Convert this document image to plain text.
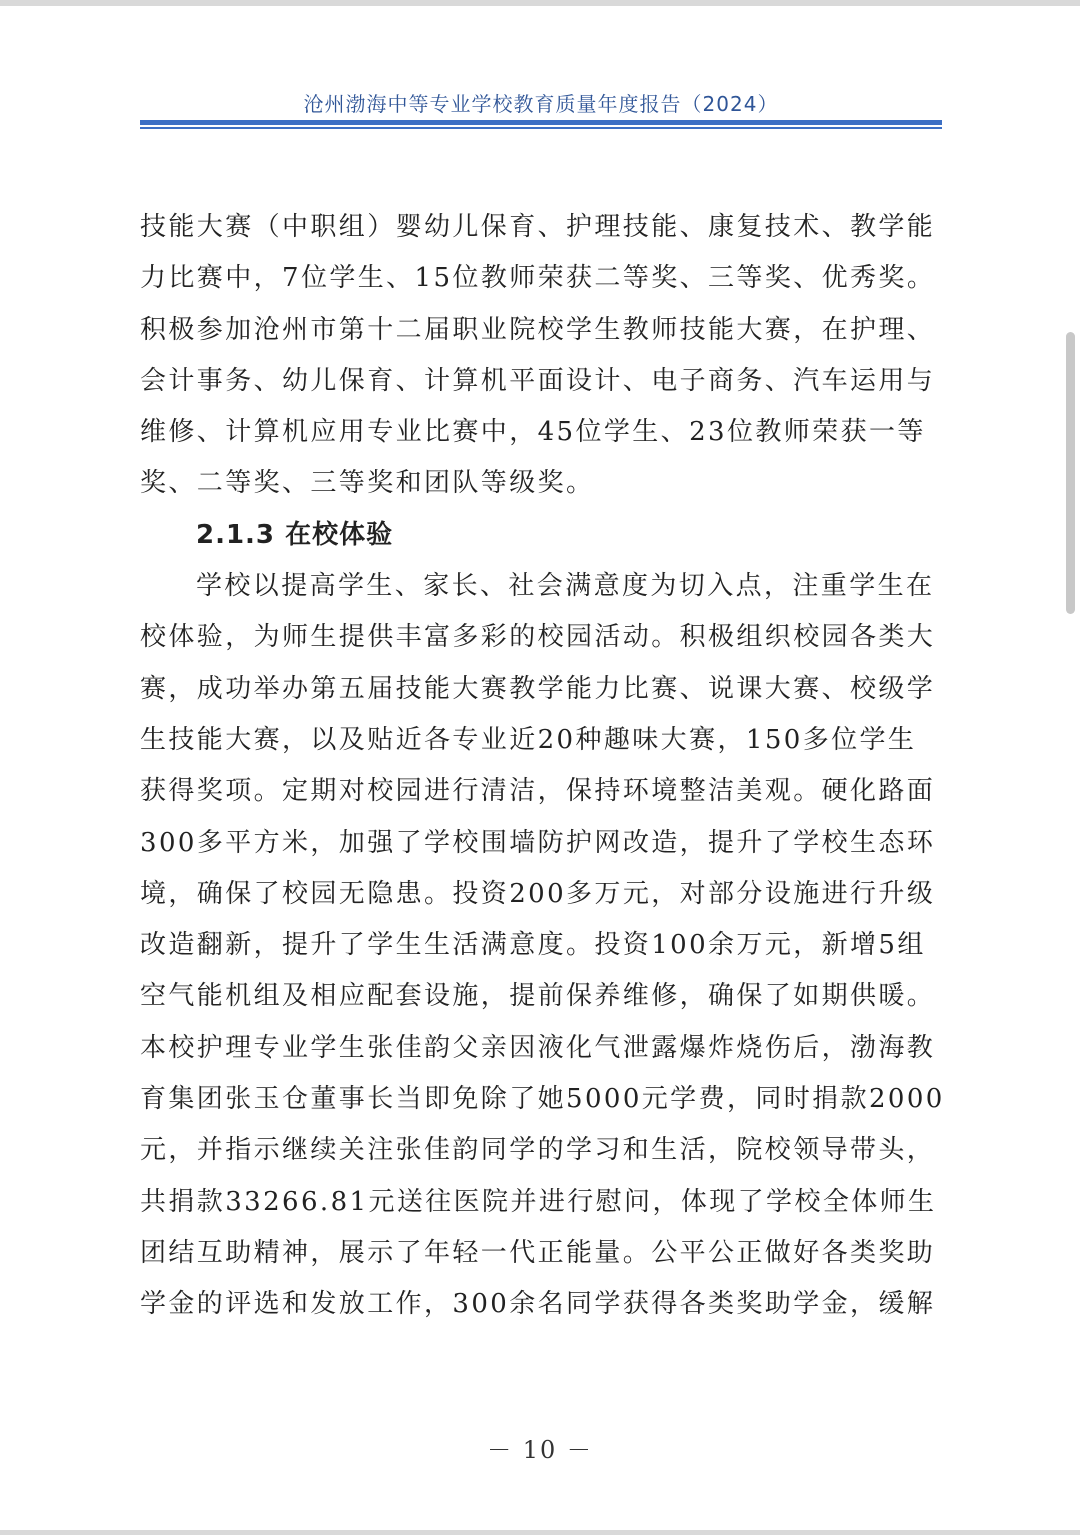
沧州渤海中等专业学校教育质量年度报告（2024）

技能大赛（中职组）婴幼儿保育、护理技能、康复技术、教学能
力比赛中，7位学生、15位教师荣获二等奖、三等奖、优秀奖。
积极参加沧州市第十二届职业院校学生教师技能大赛，在护理、
会计事务、幼儿保育、计算机平面设计、电子商务、汽车运用与
维修、计算机应用专业比赛中，45位学生、23位教师荣获一等
奖、二等奖、三等奖和团队等级奖。

2.1.3 在校体验

学校以提高学生、家长、社会满意度为切入点，注重学生在
校体验，为师生提供丰富多彩的校园活动。积极组织校园各类大
赛，成功举办第五届技能大赛教学能力比赛、说课大赛、校级学
生技能大赛，以及贴近各专业近20种趣味大赛，150多位学生
获得奖项。定期对校园进行清洁，保持环境整洁美观。硬化路面
300多平方米，加强了学校围墙防护网改造，提升了学校生态环
境，确保了校园无隐患。投资200多万元，对部分设施进行升级
改造翻新，提升了学生生活满意度。投资100余万元，新增5组
空气能机组及相应配套设施，提前保养维修，确保了如期供暖。
本校护理专业学生张佳韵父亲因液化气泄露爆炸烧伤后，渤海教
育集团张玉仓董事长当即免除了她5000元学费，同时捐款2000
元，并指示继续关注张佳韵同学的学习和生活，院校领导带头，
共捐款33266.81元送往医院并进行慰问，体现了学校全体师生
团结互助精神，展示了年轻一代正能量。公平公正做好各类奖助
学金的评选和发放工作，300余名同学获得各类奖助学金，缓解

－ 10 －
